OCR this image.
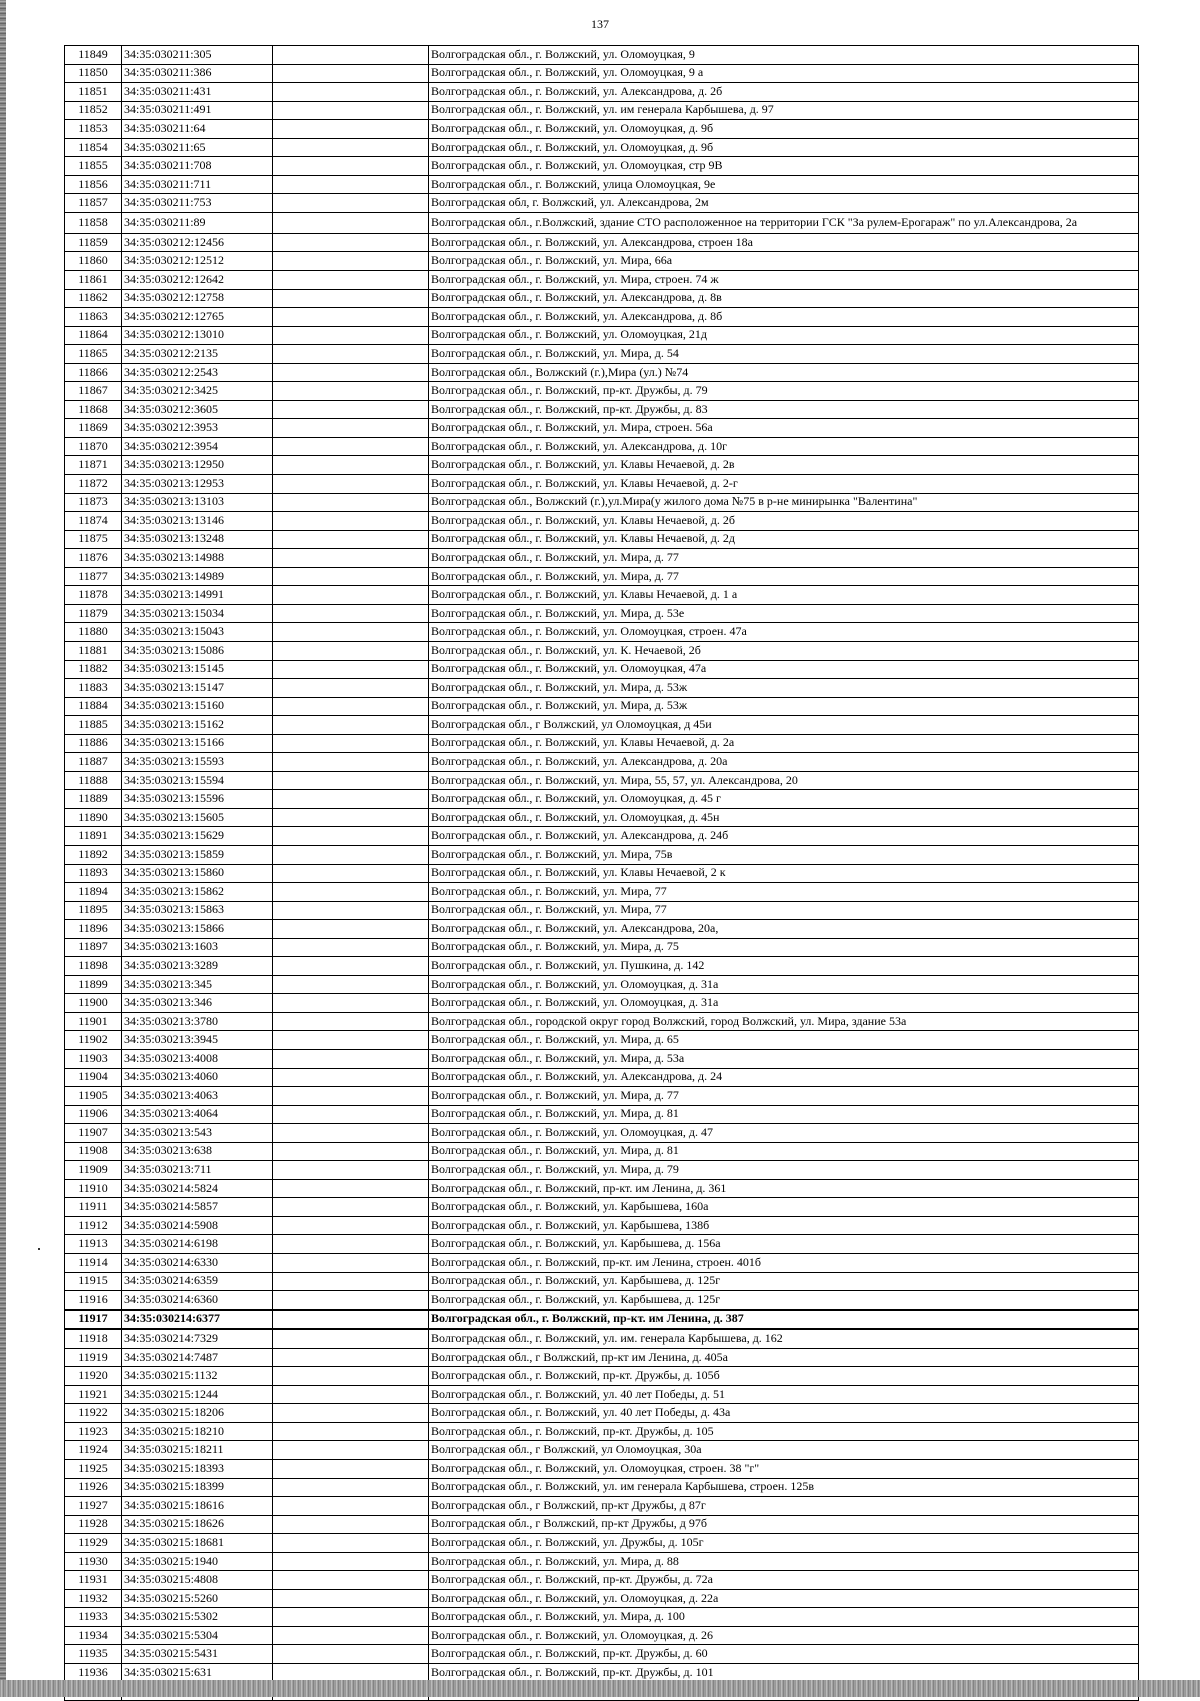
137
11849	34:35:030211:305		Волгоградская обл., г. Волжский, ул. Оломоуцкая, 9
11850	34:35:030211:386		Волгоградская обл., г. Волжский, ул. Оломоуцкая, 9 а
11851	34:35:030211:431		Волгоградская обл., г. Волжский, ул. Александрова, д. 2б
11852	34:35:030211:491		Волгоградская обл., г. Волжский, ул. им генерала Карбышева, д. 97
11853	34:35:030211:64		Волгоградская обл., г. Волжский, ул. Оломоуцкая, д. 9б
11854	34:35:030211:65		Волгоградская обл., г. Волжский, ул. Оломоуцкая, д. 9б
11855	34:35:030211:708		Волгоградская обл., г. Волжский, ул. Оломоуцкая, стр 9В
11856	34:35:030211:711		Волгоградская обл., г. Волжский, улица Оломоуцкая, 9е
11857	34:35:030211:753		Волгоградская обл, г. Волжский, ул. Александрова, 2м
11858	34:35:030211:89		Волгоградская обл., г.Волжский, здание СТО расположенное на территории ГСК "За рулем-Ерогараж" по ул.Александрова, 2а
11859	34:35:030212:12456		Волгоградская обл., г. Волжский, ул. Александрова, строен 18а
11860	34:35:030212:12512		Волгоградская обл., г. Волжский, ул. Мира, 66а
11861	34:35:030212:12642		Волгоградская обл., г. Волжский, ул. Мира, строен. 74 ж
11862	34:35:030212:12758		Волгоградская обл., г. Волжский, ул. Александрова, д. 8в
11863	34:35:030212:12765		Волгоградская обл., г. Волжский, ул. Александрова, д. 8б
11864	34:35:030212:13010		Волгоградская обл., г. Волжский, ул. Оломоуцкая, 21д
11865	34:35:030212:2135		Волгоградская обл., г. Волжский, ул. Мира, д. 54
11866	34:35:030212:2543		Волгоградская обл., Волжский (г.),Мира (ул.) №74
11867	34:35:030212:3425		Волгоградская обл., г. Волжский, пр-кт. Дружбы, д. 79
11868	34:35:030212:3605		Волгоградская обл., г. Волжский, пр-кт. Дружбы, д. 83
11869	34:35:030212:3953		Волгоградская обл., г. Волжский, ул. Мира, строен. 56а
11870	34:35:030212:3954		Волгоградская обл., г. Волжский, ул. Александрова, д. 10г
11871	34:35:030213:12950		Волгоградская обл., г. Волжский, ул. Клавы Нечаевой, д. 2в
11872	34:35:030213:12953		Волгоградская обл., г. Волжский, ул. Клавы Нечаевой, д. 2-г
11873	34:35:030213:13103		Волгоградская обл., Волжский (г.),ул.Мира(у жилого дома №75 в р-не минирынка "Валентина"
11874	34:35:030213:13146		Волгоградская обл., г. Волжский, ул. Клавы Нечаевой, д. 2б
11875	34:35:030213:13248		Волгоградская обл., г. Волжский, ул. Клавы Нечаевой, д. 2д
11876	34:35:030213:14988		Волгоградская обл., г. Волжский, ул. Мира, д. 77
11877	34:35:030213:14989		Волгоградская обл., г. Волжский, ул. Мира, д. 77
11878	34:35:030213:14991		Волгоградская обл., г. Волжский, ул. Клавы Нечаевой, д. 1 а
11879	34:35:030213:15034		Волгоградская обл., г. Волжский, ул. Мира, д. 53е
11880	34:35:030213:15043		Волгоградская обл., г. Волжский, ул. Оломоуцкая, строен. 47а
11881	34:35:030213:15086		Волгоградская обл., г. Волжский, ул. К. Нечаевой, 2б
11882	34:35:030213:15145		Волгоградская обл., г. Волжский, ул. Оломоуцкая, 47а
11883	34:35:030213:15147		Волгоградская обл., г. Волжский, ул. Мира, д. 53ж
11884	34:35:030213:15160		Волгоградская обл., г. Волжский, ул. Мира, д. 53ж
11885	34:35:030213:15162		Волгоградская обл., г Волжский, ул Оломоуцкая, д 45и
11886	34:35:030213:15166		Волгоградская обл., г. Волжский, ул. Клавы Нечаевой, д. 2а
11887	34:35:030213:15593		Волгоградская обл., г. Волжский, ул. Александрова, д. 20а
11888	34:35:030213:15594		Волгоградская обл., г. Волжский, ул. Мира, 55, 57, ул. Александрова, 20
11889	34:35:030213:15596		Волгоградская обл., г. Волжский, ул. Оломоуцкая, д. 45 г
11890	34:35:030213:15605		Волгоградская обл., г. Волжский, ул. Оломоуцкая, д. 45н
11891	34:35:030213:15629		Волгоградская обл., г. Волжский, ул. Александрова, д. 24б
11892	34:35:030213:15859		Волгоградская обл., г. Волжский, ул. Мира, 75в
11893	34:35:030213:15860		Волгоградская обл., г. Волжский, ул. Клавы Нечаевой, 2 к
11894	34:35:030213:15862		Волгоградская обл., г. Волжский, ул. Мира, 77
11895	34:35:030213:15863		Волгоградская обл., г. Волжский, ул. Мира, 77
11896	34:35:030213:15866		Волгоградская обл., г. Волжский, ул. Александрова, 20а,
11897	34:35:030213:1603		Волгоградская обл., г. Волжский, ул. Мира, д. 75
11898	34:35:030213:3289		Волгоградская обл., г. Волжский, ул. Пушкина, д. 142
11899	34:35:030213:345		Волгоградская обл., г. Волжский, ул. Оломоуцкая, д. 31а
11900	34:35:030213:346		Волгоградская обл., г. Волжский, ул. Оломоуцкая, д. 31а
11901	34:35:030213:3780		Волгоградская обл., городской округ город Волжский, город Волжский, ул. Мира, здание 53а
11902	34:35:030213:3945		Волгоградская обл., г. Волжский, ул. Мира, д. 65
11903	34:35:030213:4008		Волгоградская обл., г. Волжский, ул. Мира, д. 53а
11904	34:35:030213:4060		Волгоградская обл., г. Волжский, ул. Александрова, д. 24
11905	34:35:030213:4063		Волгоградская обл., г. Волжский, ул. Мира, д. 77
11906	34:35:030213:4064		Волгоградская обл., г. Волжский, ул. Мира, д. 81
11907	34:35:030213:543		Волгоградская обл., г. Волжский, ул. Оломоуцкая, д. 47
11908	34:35:030213:638		Волгоградская обл., г. Волжский, ул. Мира, д. 81
11909	34:35:030213:711		Волгоградская обл., г. Волжский, ул. Мира, д. 79
11910	34:35:030214:5824		Волгоградская обл., г. Волжский, пр-кт. им Ленина, д. 361
11911	34:35:030214:5857		Волгоградская обл., г. Волжский, ул. Карбышева, 160а
11912	34:35:030214:5908		Волгоградская обл., г. Волжский, ул. Карбышева, 138б
11913	34:35:030214:6198		Волгоградская обл., г. Волжский, ул. Карбышева, д. 156а
11914	34:35:030214:6330		Волгоградская обл., г. Волжский, пр-кт. им Ленина, строен. 401б
11915	34:35:030214:6359		Волгоградская обл., г. Волжский, ул. Карбышева, д. 125г
11916	34:35:030214:6360		Волгоградская обл., г. Волжский, ул. Карбышева, д. 125г
11917	34:35:030214:6377		Волгоградская обл., г. Волжский, пр-кт. им Ленина, д. 387
11918	34:35:030214:7329		Волгоградская обл., г. Волжский, ул. им. генерала Карбышева, д. 162
11919	34:35:030214:7487		Волгоградская обл., г Волжский, пр-кт им Ленина, д. 405а
11920	34:35:030215:1132		Волгоградская обл., г. Волжский, пр-кт. Дружбы, д. 105б
11921	34:35:030215:1244		Волгоградская обл., г. Волжский, ул. 40 лет Победы, д. 51
11922	34:35:030215:18206		Волгоградская обл., г. Волжский, ул. 40 лет Победы, д. 43а
11923	34:35:030215:18210		Волгоградская обл., г. Волжский, пр-кт. Дружбы, д. 105
11924	34:35:030215:18211		Волгоградская обл., г Волжский, ул Оломоуцкая, 30а
11925	34:35:030215:18393		Волгоградская обл., г. Волжский, ул. Оломоуцкая, строен. 38 "г"
11926	34:35:030215:18399		Волгоградская обл., г. Волжский, ул. им генерала Карбышева, строен. 125в
11927	34:35:030215:18616		Волгоградская обл., г Волжский, пр-кт Дружбы, д 87г
11928	34:35:030215:18626		Волгоградская обл., г Волжский, пр-кт Дружбы, д 97б
11929	34:35:030215:18681		Волгоградская обл., г. Волжский, ул. Дружбы, д. 105г
11930	34:35:030215:1940		Волгоградская обл., г. Волжский, ул. Мира, д. 88
11931	34:35:030215:4808		Волгоградская обл., г. Волжский, пр-кт. Дружбы, д. 72а
11932	34:35:030215:5260		Волгоградская обл., г. Волжский, ул. Оломоуцкая, д. 22а
11933	34:35:030215:5302		Волгоградская обл., г. Волжский, ул. Мира, д. 100
11934	34:35:030215:5304		Волгоградская обл., г. Волжский, ул. Оломоуцкая, д. 26
11935	34:35:030215:5431		Волгоградская обл., г. Волжский, пр-кт. Дружбы, д. 60
11936	34:35:030215:631		Волгоградская обл., г. Волжский, пр-кт. Дружбы, д. 101
